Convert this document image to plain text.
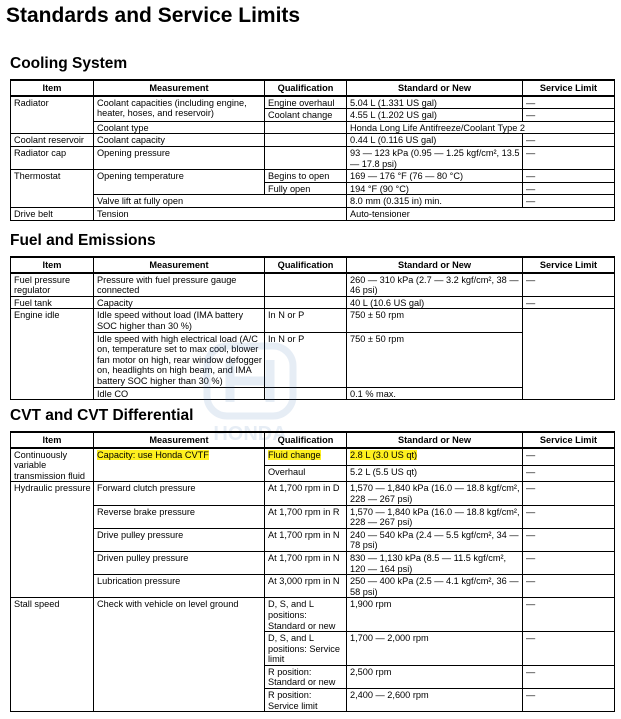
Standards and Service Limits
Cooling System
Item	Measurement	Qualification	Standard or New	Service Limit
Radiator	Coolant capacities (including engine, heater, hoses, and reservoir)	Engine overhaul	5.04 L (1.331 US gal)	—
		Coolant change	4.55 L (1.202 US gal)	—
	Coolant type		Honda Long Life Antifreeze/Coolant Type 2	
Coolant reservoir	Coolant capacity		0.44 L (0.116 US gal)	—
Radiator cap	Opening pressure		93 — 123 kPa (0.95 — 1.25 kgf/cm², 13.5 — 17.8 psi)	—
Thermostat	Opening temperature	Begins to open	169 — 176 °F (76 — 80 °C)	—
		Fully open	194 °F (90 °C)	—
	Valve lift at fully open		8.0 mm (0.315 in) min.	—
Drive belt	Tension		Auto-tensioner	
Fuel and Emissions
Item	Measurement	Qualification	Standard or New	Service Limit
Fuel pressure regulator	Pressure with fuel pressure gauge connected		260 — 310 kPa (2.7 — 3.2 kgf/cm², 38 — 46 psi)	—
Fuel tank	Capacity		40 L (10.6 US gal)	—
Engine idle	Idle speed without load (IMA battery SOC higher than 30 %)	In N or P	750 ± 50 rpm	
	Idle speed with high electrical load (A/C on, temperature set to max cool, blower fan motor on high, rear window defogger on, headlights on high beam, and IMA battery SOC higher than 30 %)	In N or P	750 ± 50 rpm	
	Idle CO		0.1 % max.	
HONDA
CVT and CVT Differential
Item	Measurement	Qualification	Standard or New	Service Limit
Continuously variable transmission fluid	Capacity: use Honda CVTF	Fluid change	2.8 L (3.0 US qt)	—
		Overhaul	5.2 L (5.5 US qt)	—
Hydraulic pressure	Forward clutch pressure	At 1,700 rpm in D	1,570 — 1,840 kPa (16.0 — 18.8 kgf/cm², 228 — 267 psi)	—
	Reverse brake pressure	At 1,700 rpm in R	1,570 — 1,840 kPa (16.0 — 18.8 kgf/cm², 228 — 267 psi)	—
	Drive pulley pressure	At 1,700 rpm in N	240 — 540 kPa (2.4 — 5.5 kgf/cm², 34 — 78 psi)	—
	Driven pulley pressure	At 1,700 rpm in N	830 — 1,130 kPa (8.5 — 11.5 kgf/cm², 120 — 164 psi)	—
	Lubrication pressure	At 3,000 rpm in N	250 — 400 kPa (2.5 — 4.1 kgf/cm², 36 — 58 psi)	—
Stall speed	Check with vehicle on level ground	D, S, and L positions: Standard or new	1,900 rpm	—
		D, S, and L positions: Service limit	1,700 — 2,000 rpm	—
		R position: Standard or new	2,500 rpm	—
		R position: Service limit	2,400 — 2,600 rpm	—
